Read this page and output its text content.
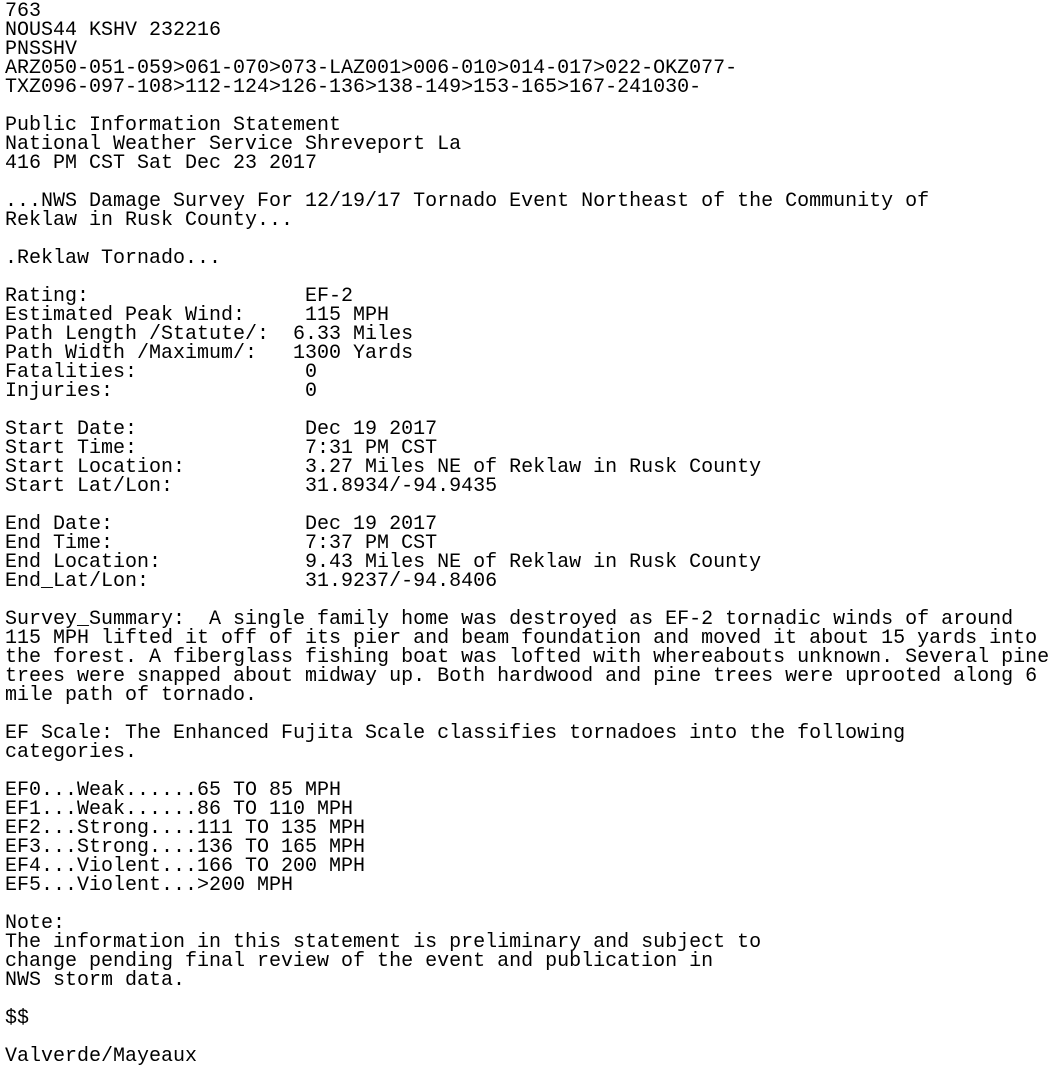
763
NOUS44 KSHV 232216
PNSSHV
ARZ050-051-059>061-070>073-LAZ001>006-010>014-017>022-OKZ077-
TXZ096-097-108>112-124>126-136>138-149>153-165>167-241030-
Public Information Statement
National Weather Service Shreveport La
416 PM CST Sat Dec 23 2017
...NWS Damage Survey For 12/19/17 Tornado Event Northeast of the Community of
Reklaw in Rusk County...
.Reklaw Tornado...
Rating:                  EF-2
Estimated Peak Wind:     115 MPH
Path Length /Statute/:  6.33 Miles
Path Width /Maximum/:   1300 Yards
Fatalities:              0
Injuries:                0
Start Date:              Dec 19 2017
Start Time:              7:31 PM CST
Start Location:          3.27 Miles NE of Reklaw in Rusk County
Start Lat/Lon:           31.8934/-94.9435
End Date:                Dec 19 2017
End Time:                7:37 PM CST
End Location:            9.43 Miles NE of Reklaw in Rusk County
End_Lat/Lon:             31.9237/-94.8406
Survey_Summary:  A single family home was destroyed as EF-2 tornadic winds of around
115 MPH lifted it off of its pier and beam foundation and moved it about 15 yards into
the forest. A fiberglass fishing boat was lofted with whereabouts unknown. Several pine
trees were snapped about midway up. Both hardwood and pine trees were uprooted along 6
mile path of tornado.
EF Scale: The Enhanced Fujita Scale classifies tornadoes into the following
categories.
EF0...Weak......65 TO 85 MPH
EF1...Weak......86 TO 110 MPH
EF2...Strong....111 TO 135 MPH
EF3...Strong....136 TO 165 MPH
EF4...Violent...166 TO 200 MPH
EF5...Violent...>200 MPH
Note:
The information in this statement is preliminary and subject to
change pending final review of the event and publication in
NWS storm data.
$$
Valverde/Mayeaux
